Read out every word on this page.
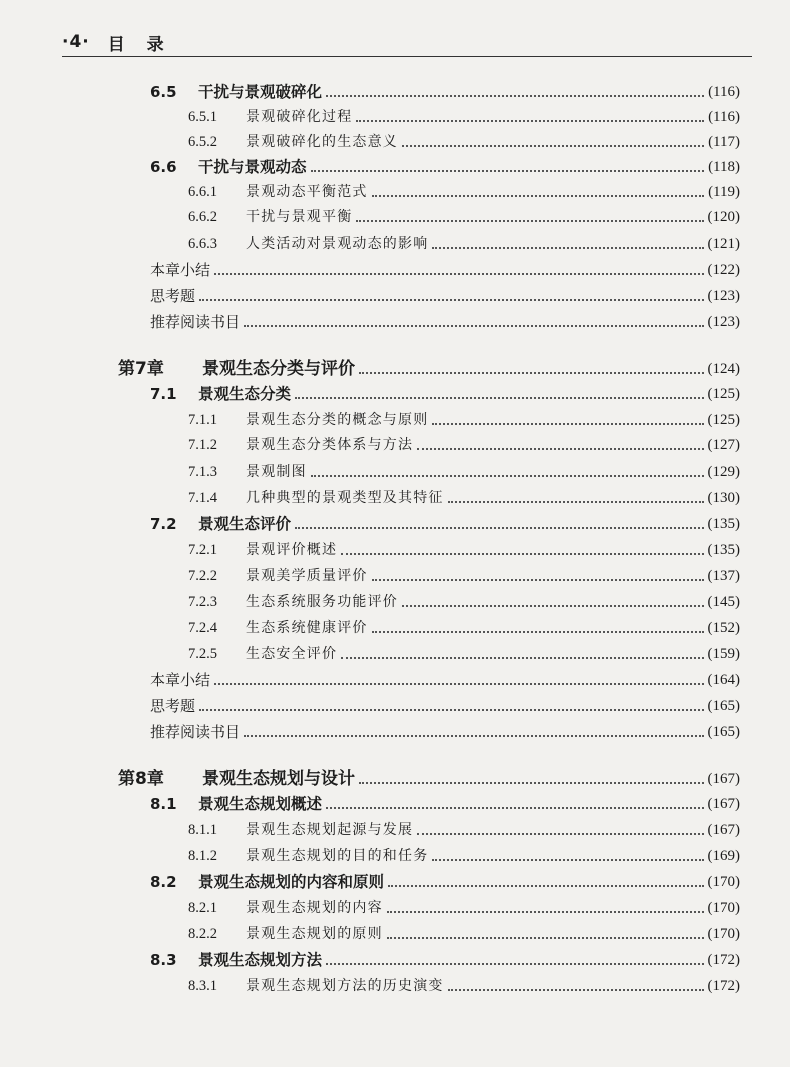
·4· 目 录
6.5	干扰与景观破碎化	(116)
6.5.1	景观破碎化过程	(116)
6.5.2	景观破碎化的生态意义	(117)
6.6	干扰与景观动态	(118)
6.6.1	景观动态平衡范式	(119)
6.6.2	干扰与景观平衡	(120)
6.6.3	人类活动对景观动态的影响	(121)
本章小结	(122)
思考题	(123)
推荐阅读书目	(123)
第7章	景观生态分类与评价	(124)
7.1	景观生态分类	(125)
7.1.1	景观生态分类的概念与原则	(125)
7.1.2	景观生态分类体系与方法	(127)
7.1.3	景观制图	(129)
7.1.4	几种典型的景观类型及其特征	(130)
7.2	景观生态评价	(135)
7.2.1	景观评价概述	(135)
7.2.2	景观美学质量评价	(137)
7.2.3	生态系统服务功能评价	(145)
7.2.4	生态系统健康评价	(152)
7.2.5	生态安全评价	(159)
本章小结	(164)
思考题	(165)
推荐阅读书目	(165)
第8章	景观生态规划与设计	(167)
8.1	景观生态规划概述	(167)
8.1.1	景观生态规划起源与发展	(167)
8.1.2	景观生态规划的目的和任务	(169)
8.2	景观生态规划的内容和原则	(170)
8.2.1	景观生态规划的内容	(170)
8.2.2	景观生态规划的原则	(170)
8.3	景观生态规划方法	(172)
8.3.1	景观生态规划方法的历史演变	(172)
